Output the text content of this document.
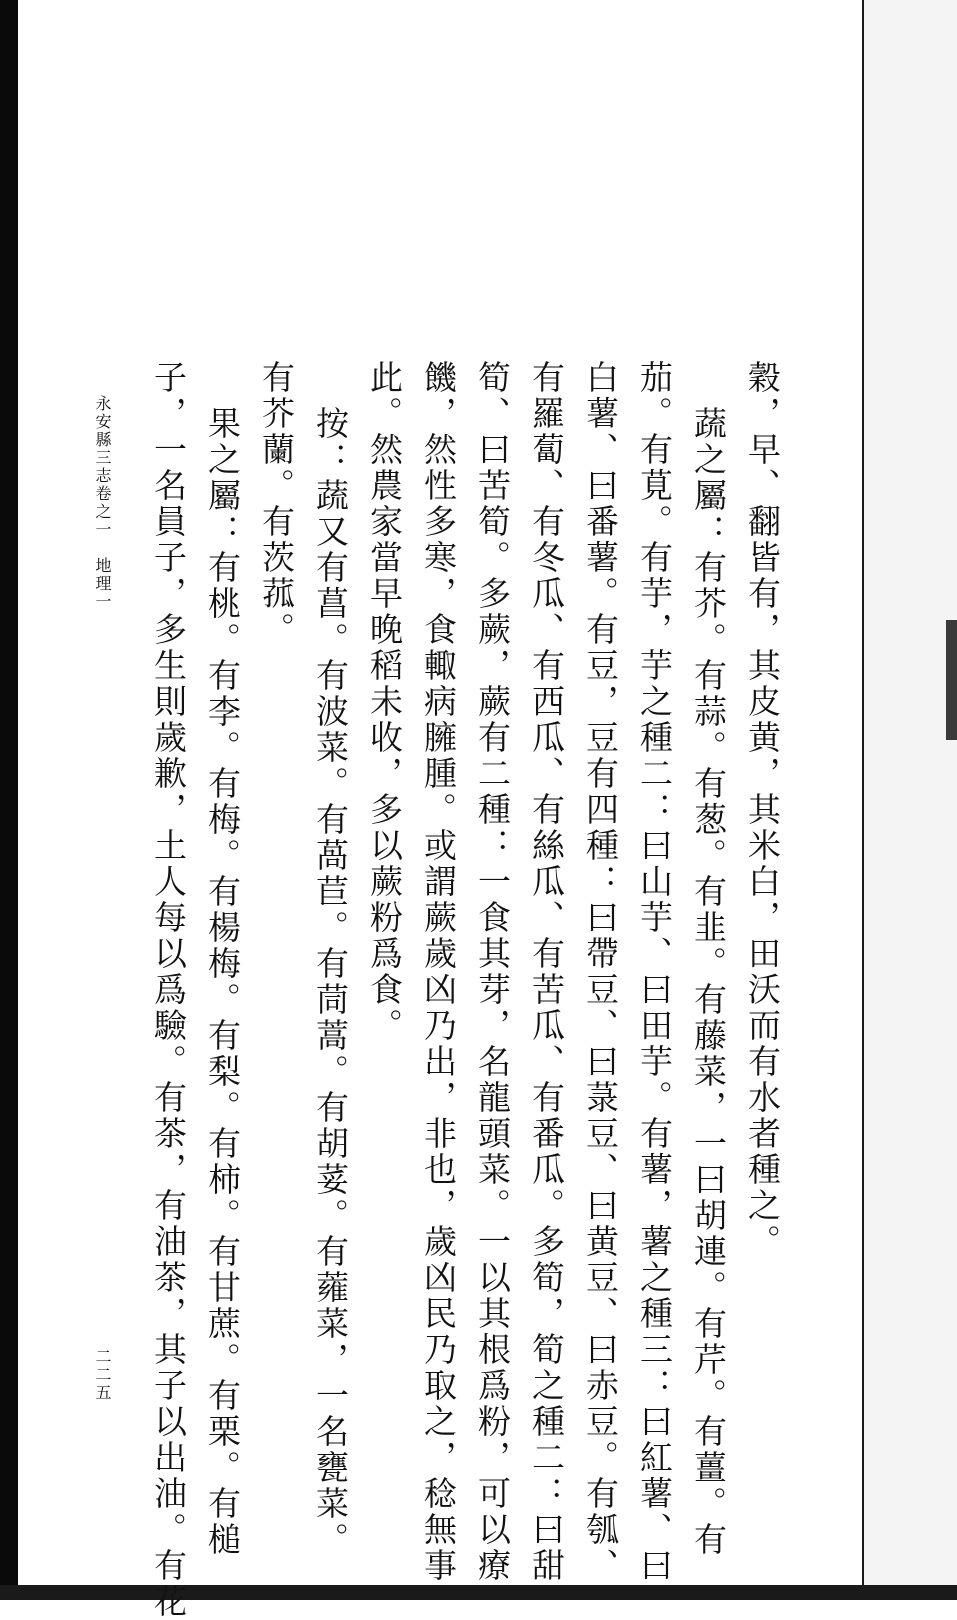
穀，早、翻皆有，其皮黄，其米白，田沃而有水者種之。
蔬之屬：有芥。有蒜。有葱。有韭。有藤菜，一曰胡連。有芹。有薑。有
茄。有莧。有芋，芋之種二：曰山芋、曰田芋。有薯，薯之種三：曰紅薯、曰
白薯、曰番薯。有豆，豆有四種：曰帶豆、曰菉豆、曰黄豆、曰赤豆。有瓠、
有羅蔔、有冬瓜、有西瓜、有絲瓜、有苦瓜、有番瓜。多筍，筍之種二：曰甜
筍、曰苦筍。多蕨，蕨有二種：一食其芽，名龍頭菜。一以其根爲粉，可以療
饑，然性多寒，食輙病臃腫。或謂蕨歲凶乃出，非也，歲凶民乃取之，稔無事
此。然農家當早晚稻未收，多以蕨粉爲食。
按：蔬又有菖。有波菜。有萵苣。有茼蒿。有胡荽。有蕹菜，一名甕菜。
有芥蘭。有茨菰。
果之屬：有桃。有李。有梅。有楊梅。有梨。有柿。有甘蔗。有栗。有槌
子，一名員子，多生則歲歉，土人每以爲驗。有茶，有油茶，其子以出油。有花
永安縣三志卷之一　地理一
二二五
